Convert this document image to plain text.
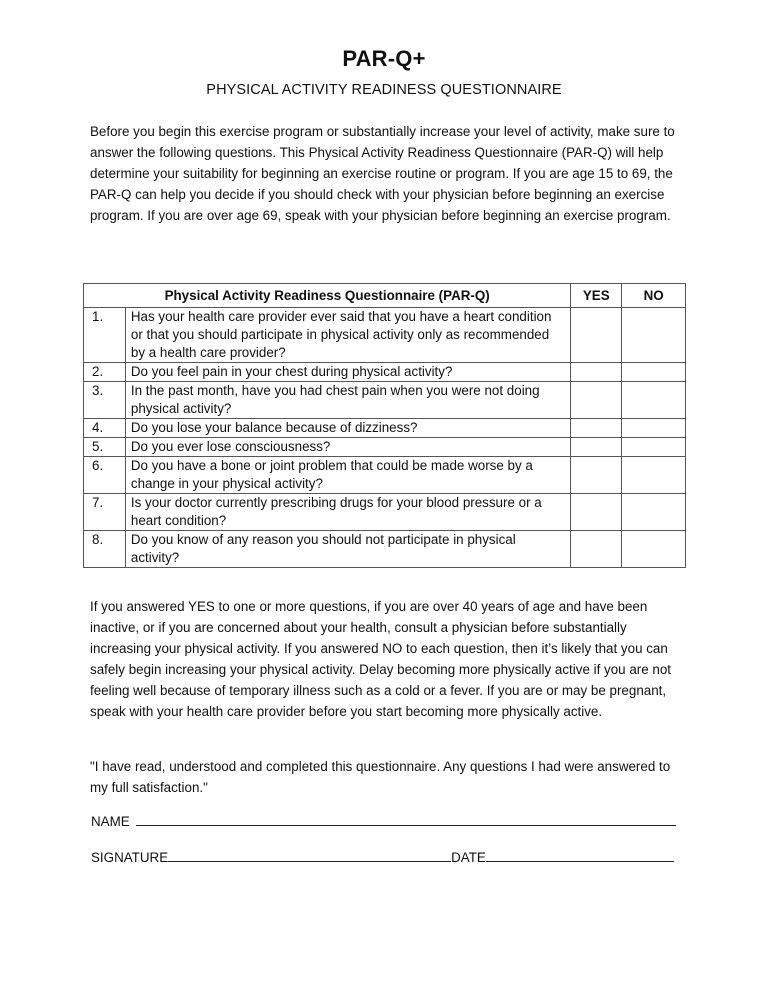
PAR-Q+
PHYSICAL ACTIVITY READINESS QUESTIONNAIRE

Before you begin this exercise program or substantially increase your level of activity, make sure to answer the following questions. This Physical Activity Readiness Questionnaire (PAR-Q) will help determine your suitability for beginning an exercise routine or program. If you are age 15 to 69, the PAR-Q can help you decide if you should check with your physician before beginning an exercise program. If you are over age 69, speak with your physician before beginning an exercise program.

Physical Activity Readiness Questionnaire (PAR-Q)		YES	NO
1.	Has your health care provider ever said that you have a heart condition or that you should participate in physical activity only as recommended by a health care provider?		
2.	Do you feel pain in your chest during physical activity?		
3.	In the past month, have you had chest pain when you were not doing physical activity?		
4.	Do you lose your balance because of dizziness?		
5.	Do you ever lose consciousness?		
6.	Do you have a bone or joint problem that could be made worse by a change in your physical activity?		
7.	Is your doctor currently prescribing drugs for your blood pressure or a heart condition?		
8.	Do you know of any reason you should not participate in physical activity?		

If you answered YES to one or more questions, if you are over 40 years of age and have been inactive, or if you are concerned about your health, consult a physician before substantially increasing your physical activity. If you answered NO to each question, then it’s likely that you can safely begin increasing your physical activity. Delay becoming more physically active if you are not feeling well because of temporary illness such as a cold or a fever. If you are or may be pregnant, speak with your health care provider before you start becoming more physically active.

"I have read, understood and completed this questionnaire. Any questions I had were answered to my full satisfaction."

NAME
SIGNATURE	DATE
